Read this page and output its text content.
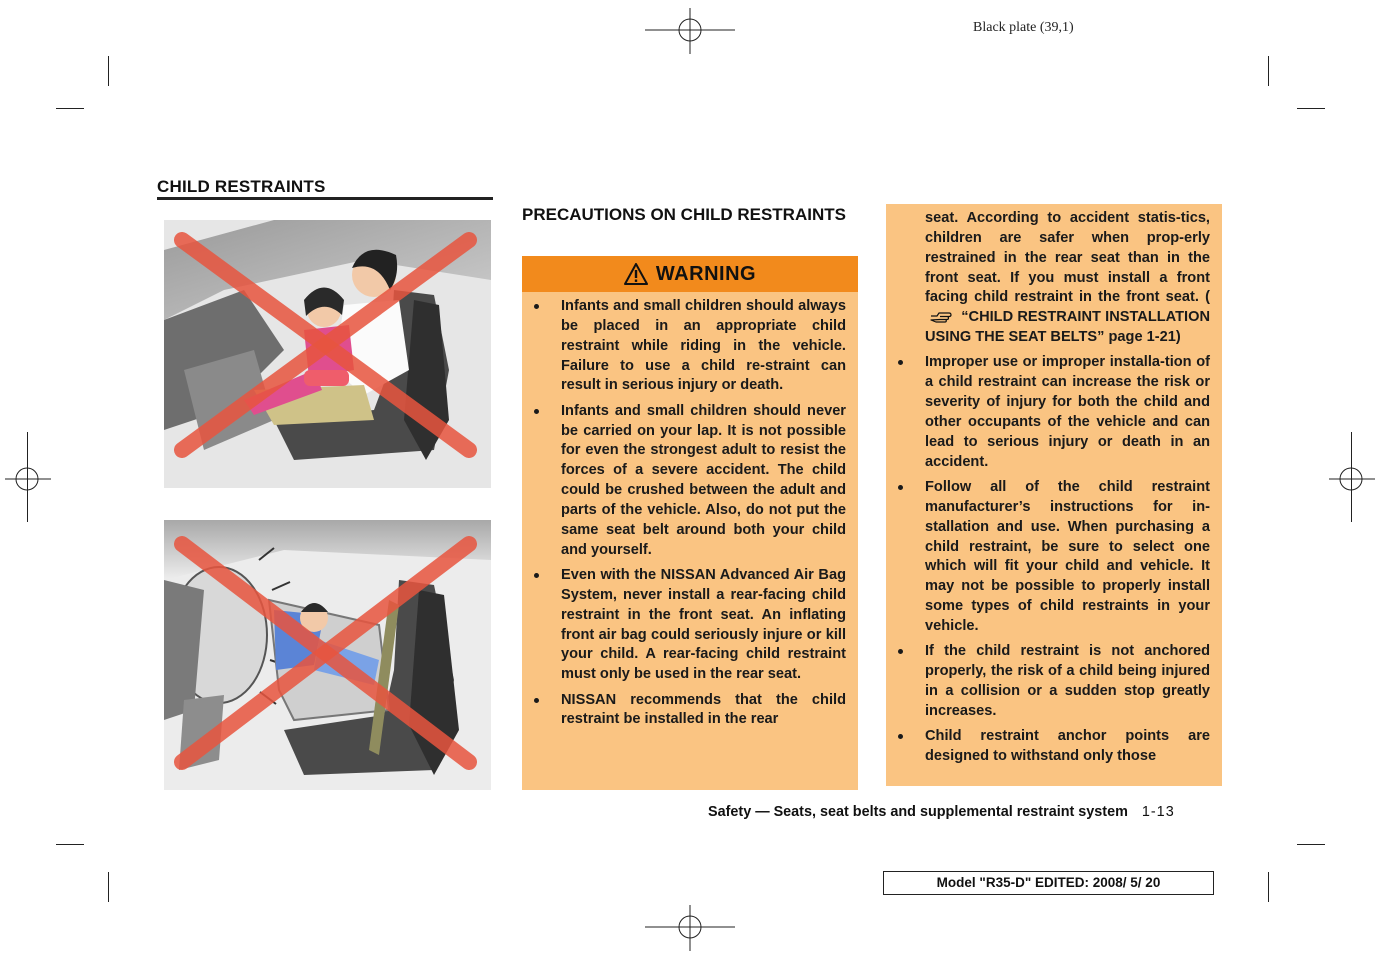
Black plate (39,1)
CHILD RESTRAINTS
PRECAUTIONS ON CHILD RESTRAINTS
WARNING

Infants and small children should always be placed in an appropriate child restraint while riding in the vehicle. Failure to use a child re-straint can result in serious injury or death.

Infants and small children should never be carried on your lap. It is not possible for even the strongest adult to resist the forces of a severe accident. The child could be crushed between the adult and parts of the vehicle. Also, do not put the same seat belt around both your child and yourself.

Even with the NISSAN Advanced Air Bag System, never install a rear-facing child restraint in the front seat. An inflating front air bag could seriously injure or kill your child. A rear-facing child restraint must only be used in the rear seat.

NISSAN recommends that the child restraint be installed in the rear

seat. According to accident statis-tics, children are safer when prop-erly restrained in the rear seat than in the front seat. If you must install a front facing child restraint in the front seat. ( “CHILD RESTRAINT INSTALLATION USING THE SEAT BELTS” page 1-21)

Improper use or improper installa-tion of a child restraint can increase the risk or severity of injury for both the child and other occupants of the vehicle and can lead to serious injury or death in an accident.

Follow all of the child restraint manufacturer’s instructions for in-stallation and use. When purchasing a child restraint, be sure to select one which will fit your child and vehicle. It may not be possible to properly install some types of child restraints in your vehicle.

If the child restraint is not anchored properly, the risk of a child being injured in a collision or a sudden stop greatly increases.

Child restraint anchor points are designed to withstand only those

Safety — Seats, seat belts and supplemental restraint system 1-13
Model "R35-D" EDITED: 2008/ 5/ 20
